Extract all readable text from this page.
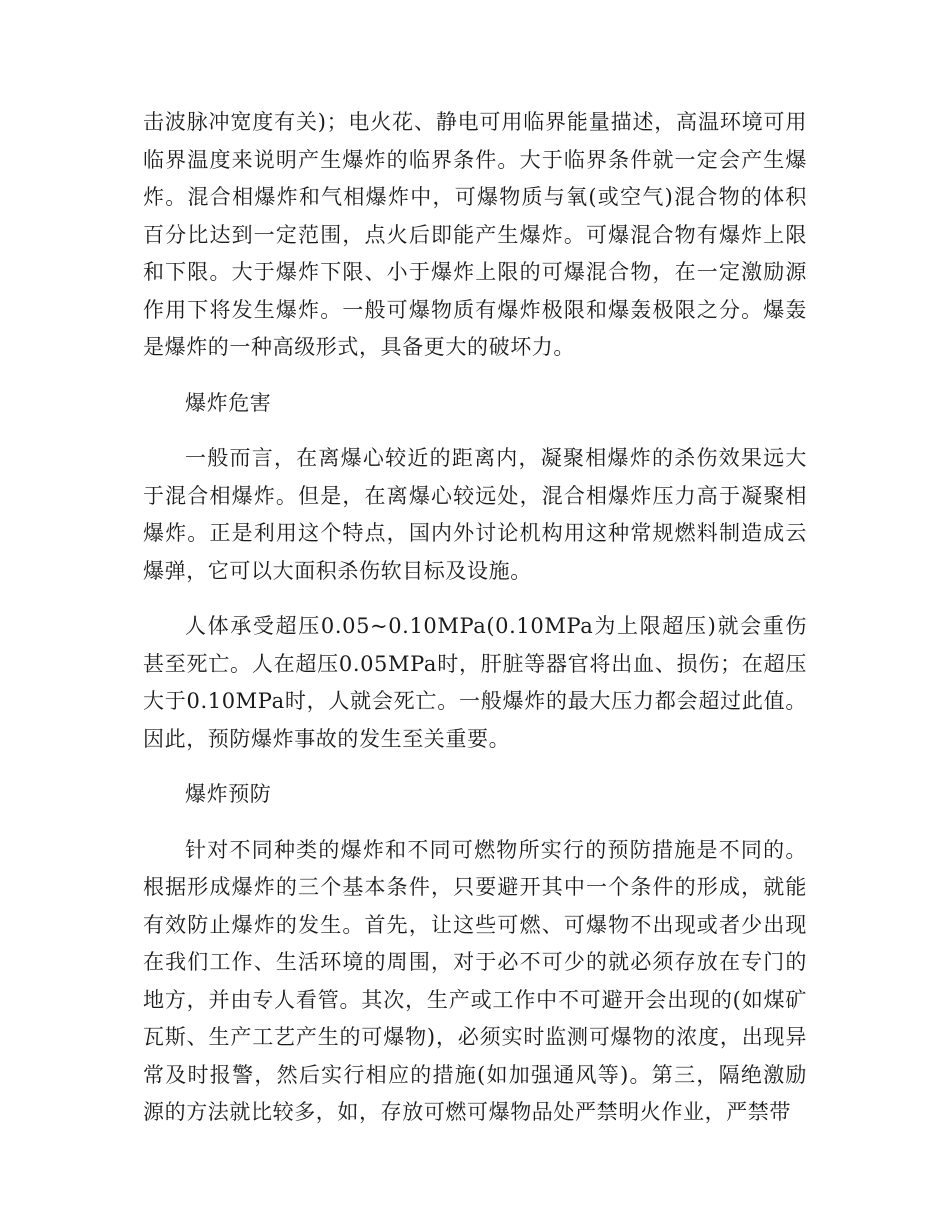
击波脉冲宽度有关)；电火花、静电可用临界能量描述，高温环境可用临界温度来说明产生爆炸的临界条件。大于临界条件就一定会产生爆炸。混合相爆炸和气相爆炸中，可爆物质与氧(或空气)混合物的体积百分比达到一定范围，点火后即能产生爆炸。可爆混合物有爆炸上限和下限。大于爆炸下限、小于爆炸上限的可爆混合物，在一定激励源作用下将发生爆炸。一般可爆物质有爆炸极限和爆轰极限之分。爆轰是爆炸的一种高级形式，具备更大的破坏力。

爆炸危害

一般而言，在离爆心较近的距离内，凝聚相爆炸的杀伤效果远大于混合相爆炸。但是，在离爆心较远处，混合相爆炸压力高于凝聚相爆炸。正是利用这个特点，国内外讨论机构用这种常规燃料制造成云爆弹，它可以大面积杀伤软目标及设施。

人体承受超压0.05~0.10MPa(0.10MPa为上限超压)就会重伤甚至死亡。人在超压0.05MPa时，肝脏等器官将出血、损伤；在超压大于0.10MPa时，人就会死亡。一般爆炸的最大压力都会超过此值。因此，预防爆炸事故的发生至关重要。

爆炸预防

针对不同种类的爆炸和不同可燃物所实行的预防措施是不同的。根据形成爆炸的三个基本条件，只要避开其中一个条件的形成，就能有效防止爆炸的发生。首先，让这些可燃、可爆物不出现或者少出现在我们工作、生活环境的周围，对于必不可少的就必须存放在专门的地方，并由专人看管。其次，生产或工作中不可避开会出现的(如煤矿瓦斯、生产工艺产生的可爆物)，必须实时监测可爆物的浓度，出现异常及时报警，然后实行相应的措施(如加强通风等)。第三，隔绝激励源的方法就比较多，如，存放可燃可爆物品处严禁明火作业，严禁带
